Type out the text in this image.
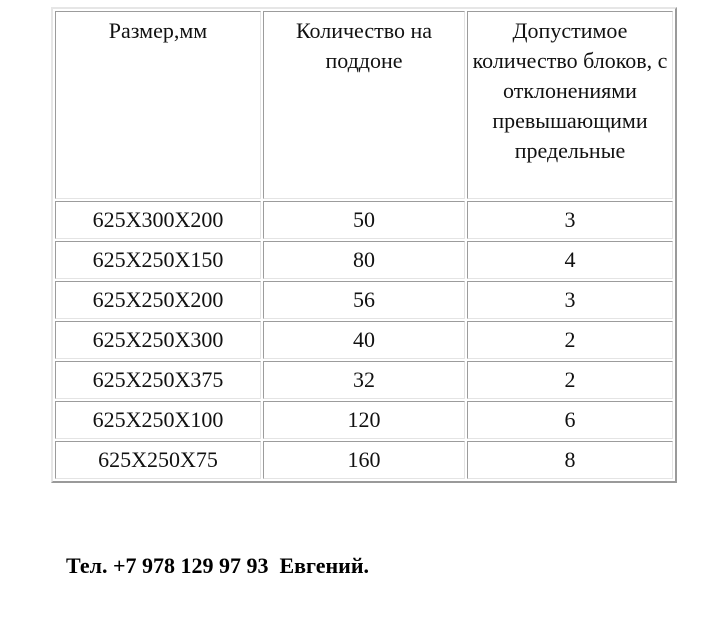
Размер,мм	Количество на поддоне	Допустимое количество блоков, с отклонениями превышающими предельные
625X300X200	50	3
625X250X150	80	4
625X250X200	56	3
625X250X300	40	2
625X250X375	32	2
625X250X100	120	6
625X250X75	160	8
Тел. +7 978 129 97 93  Евгений.
